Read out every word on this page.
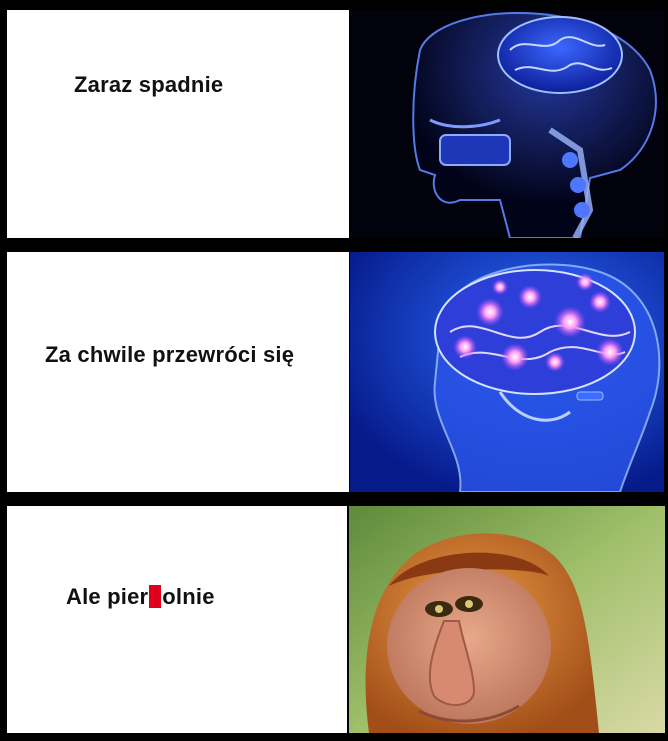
Zaraz spadnie
Za chwile przewróci się
Ale pier olnie
